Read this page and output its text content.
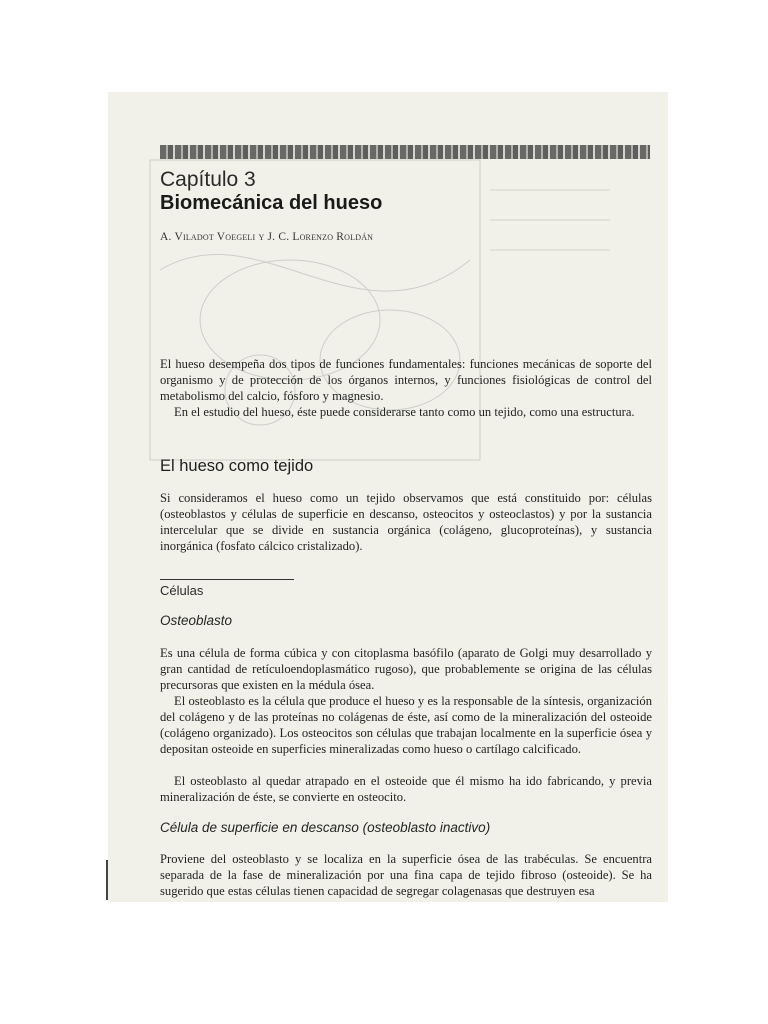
Capítulo 3
Biomecánica del hueso
A. Viladot Voegeli y J. C. Lorenzo Roldán

El hueso desempeña dos tipos de funciones fundamentales: funciones mecánicas de soporte del organismo y de protección de los órganos internos, y funciones fisiológicas de control del metabolismo del calcio, fósforo y magnesio.

En el estudio del hueso, éste puede considerarse tanto como un tejido, como una estructura.

El hueso como tejido

Si consideramos el hueso como un tejido observamos que está constituido por: células (osteoblastos y células de superficie en descanso, osteocitos y osteoclastos) y por la sustancia intercelular que se divide en sustancia orgánica (colágeno, glucoproteínas), y sustancia inorgánica (fosfato cálcico cristalizado).

Células
Osteoblasto

Es una célula de forma cúbica y con citoplasma basófilo (aparato de Golgi muy desarrollado y gran cantidad de retículoendoplasmático rugoso), que probablemente se origina de las células precursoras que existen en la médula ósea.

El osteoblasto es la célula que produce el hueso y es la responsable de la síntesis, organización del colágeno y de las proteínas no colágenas de éste, así como de la mineralización del osteoide (colágeno organizado). Los osteocitos son células que trabajan localmente en la superficie ósea y depositan osteoide en superficies mineralizadas como hueso o cartílago calcificado.

El osteoblasto al quedar atrapado en el osteoide que él mismo ha ido fabricando, y previa mineralización de éste, se convierte en osteocito.

Célula de superficie en descanso (osteoblasto inactivo)

Proviene del osteoblasto y se localiza en la superficie ósea de las trabéculas. Se encuentra separada de la fase de mineralización por una fina capa de tejido fibroso (osteoide). Se ha sugerido que estas células tienen capacidad de segregar colagenasas que destruyen esa
